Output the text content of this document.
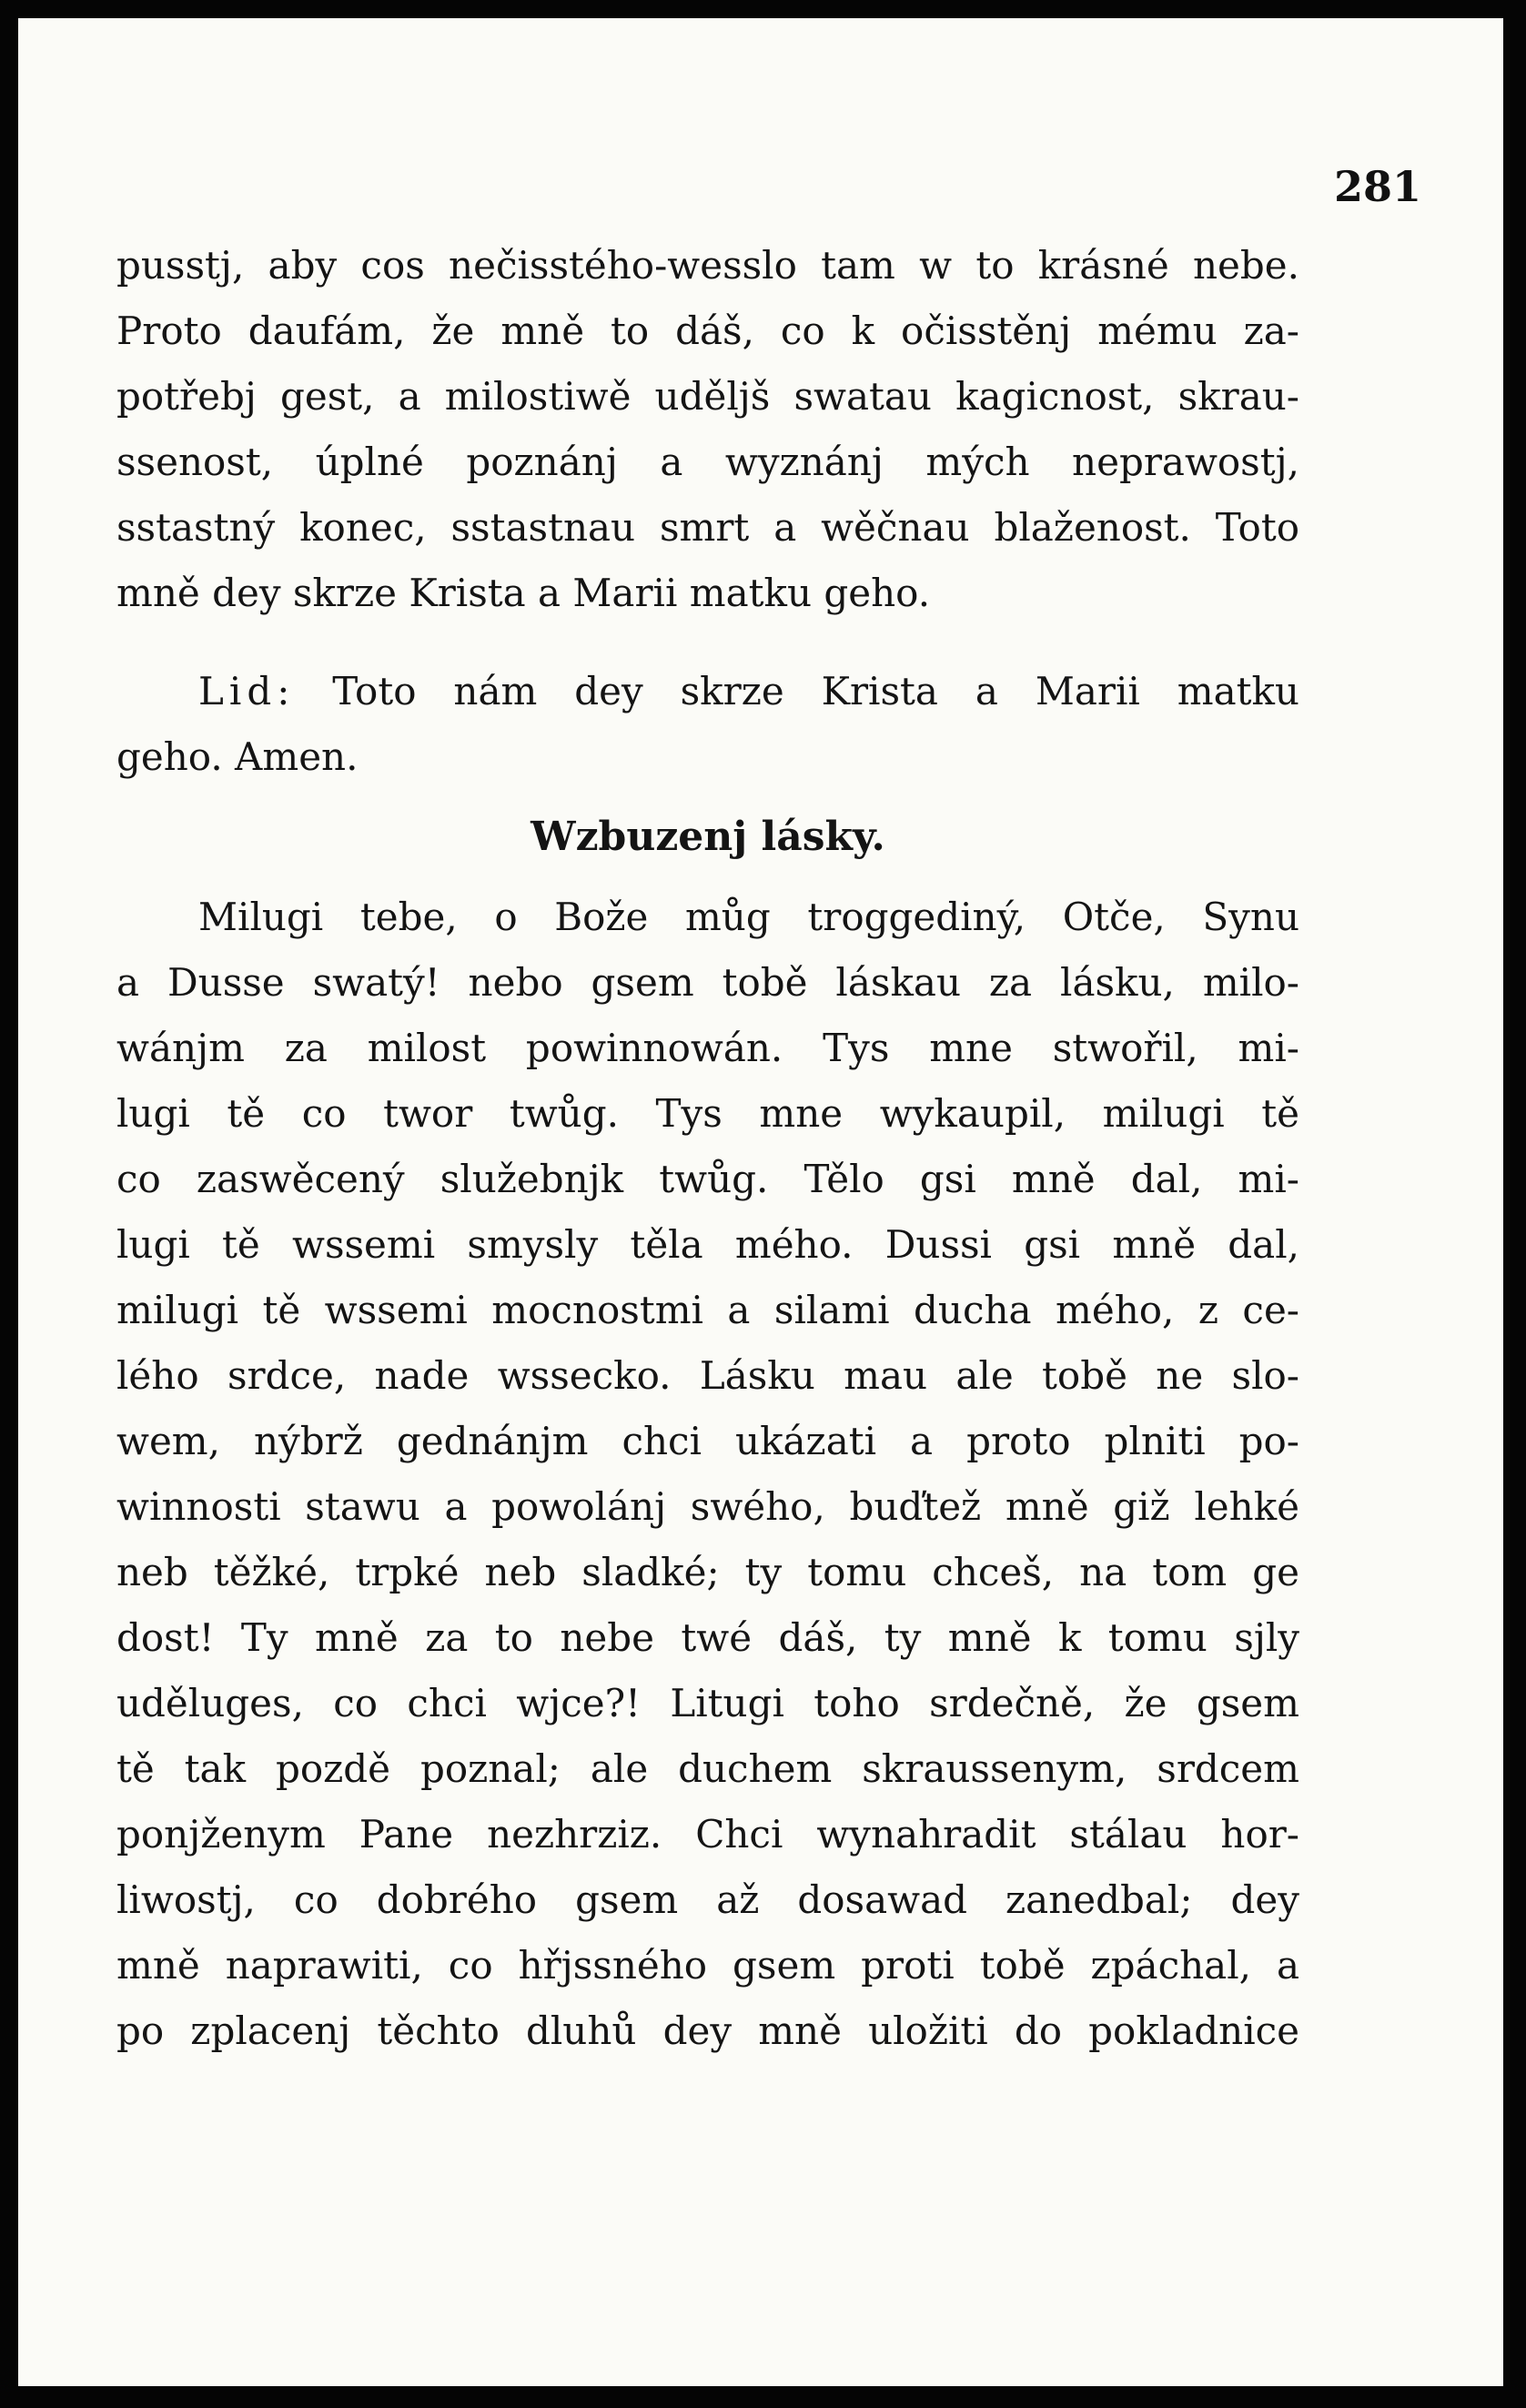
281
pusstj, aby cos nečisstého-wesslo tam w to krásné nebe.
Proto daufám, že mně to dáš, co k očisstěnj mému za-
potřebj gest, a milostiwě udělјš swatau kagicnost, skrau-
ssenost, úplné poznánj a wyznánj mých neprawostj,
sstastný konec, sstastnau smrt a wěčnau blaženost. Toto
mně dey skrze Krista a Marii matku geho.
Lid: Toto nám dey skrze Krista a Marii matku
geho. Amen.
Wzbuzenj lásky.
Milugi tebe, o Bože můg troggediný, Otče, Synu
a Dusse swatý! nebo gsem tobě láskau za lásku, milo-
wánjm za milost powinnowán. Tys mne stwořil, mi-
lugi tě co twor twůg. Tys mne wykaupil, milugi tě
co zaswěcený služebnjk twůg. Tělo gsi mně dal, mi-
lugi tě wssemi smysly těla mého. Dussi gsi mně dal,
milugi tě wssemi mocnostmi a silami ducha mého, z ce-
lého srdce, nade wssecko. Lásku mau ale tobě ne slo-
wem, nýbrž gednánjm chci ukázati a proto plniti po-
winnosti stawu a powolánj swého, buďtež mně giž lehké
neb těžké, trpké neb sladké; ty tomu chceš, na tom ge
dost! Ty mně za to nebe twé dáš, ty mně k tomu sjly
uděluges, co chci wjce?! Litugi toho srdečně, že gsem
tě tak pozdě poznal; ale duchem skraussenym, srdcem
ponjženym Pane nezhrziz. Chci wynahradit stálau hor-
liwostj, co dobrého gsem až dosawad zanedbal; dey
mně naprawiti, co hřjssného gsem proti tobě zpáchal, a
po zplacenj těchto dluhů dey mně uložiti do pokladnice
